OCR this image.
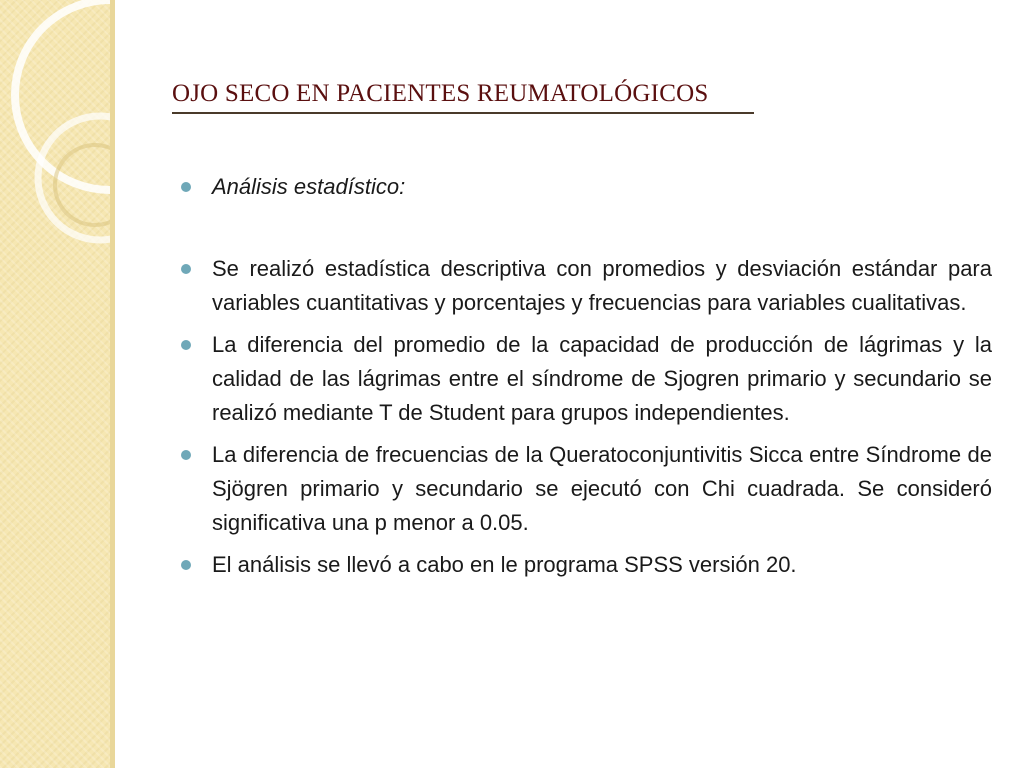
OJO SECO EN PACIENTES REUMATOLÓGICOS
Análisis estadístico:
Se realizó estadística descriptiva con promedios y desviación estándar para variables cuantitativas y porcentajes y frecuencias para variables cualitativas.
La diferencia del promedio de la capacidad de producción de lágrimas y la calidad de las lágrimas entre el síndrome de Sjogren primario y secundario se realizó mediante T de Student para grupos independientes.
La diferencia de frecuencias de la Queratoconjuntivitis Sicca entre Síndrome de Sjögren primario y secundario se ejecutó con Chi cuadrada. Se consideró significativa una p menor a 0.05.
El análisis se llevó a cabo en le programa SPSS versión 20.
